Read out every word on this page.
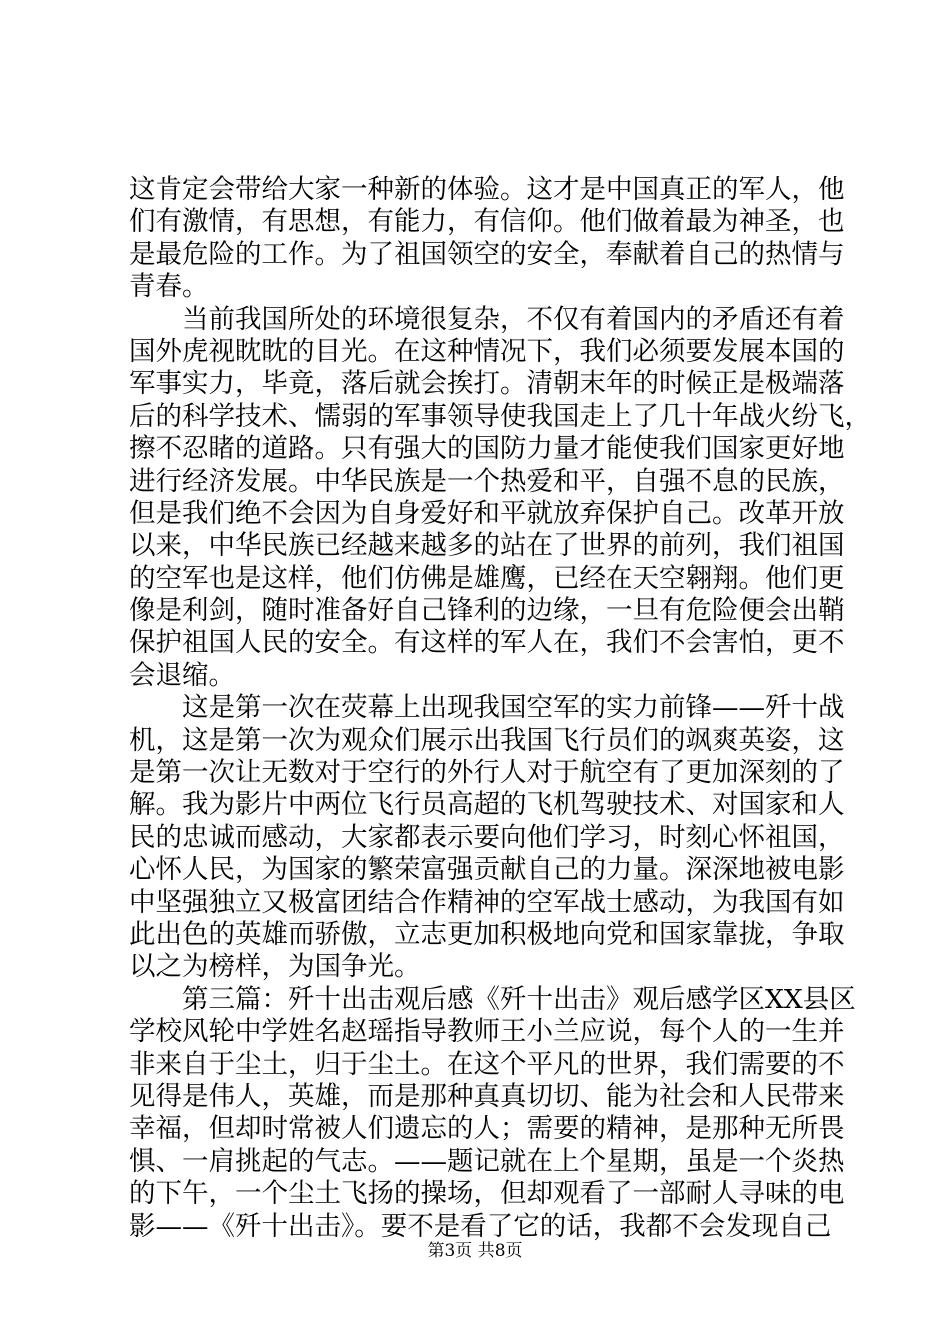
这肯定会带给大家一种新的体验。这才是中国真正的军人，他
们有激情，有思想，有能力，有信仰。他们做着最为神圣，也
是最危险的工作。为了祖国领空的安全，奉献着自己的热情与
青春。
　　当前我国所处的环境很复杂，不仅有着国内的矛盾还有着
国外虎视眈眈的目光。在这种情况下，我们必须要发展本国的
军事实力，毕竟，落后就会挨打。清朝末年的时候正是极端落
后的科学技术、懦弱的军事领导使我国走上了几十年战火纷飞，
擦不忍睹的道路。只有强大的国防力量才能使我们国家更好地
进行经济发展。中华民族是一个热爱和平，自强不息的民族，
但是我们绝不会因为自身爱好和平就放弃保护自己。改革开放
以来，中华民族已经越来越多的站在了世界的前列，我们祖国
的空军也是这样，他们仿佛是雄鹰，已经在天空翱翔。他们更
像是利剑，随时准备好自己锋利的边缘，一旦有危险便会出鞘
保护祖国人民的安全。有这样的军人在，我们不会害怕，更不
会退缩。
　　这是第一次在荧幕上出现我国空军的实力前锋——歼十战
机，这是第一次为观众们展示出我国飞行员们的飒爽英姿，这
是第一次让无数对于空行的外行人对于航空有了更加深刻的了
解。我为影片中两位飞行员高超的飞机驾驶技术、对国家和人
民的忠诚而感动，大家都表示要向他们学习，时刻心怀祖国，
心怀人民，为国家的繁荣富强贡献自己的力量。深深地被电影
中坚强独立又极富团结合作精神的空军战士感动，为我国有如
此出色的英雄而骄傲，立志更加积极地向党和国家靠拢，争取
以之为榜样，为国争光。
　　第三篇：歼十出击观后感《歼十出击》观后感学区XX县区
学校风轮中学姓名赵瑶指导教师王小兰应说，每个人的一生并
非来自于尘土，归于尘土。在这个平凡的世界，我们需要的不
见得是伟人，英雄，而是那种真真切切、能为社会和人民带来
幸福，但却时常被人们遗忘的人；需要的精神，是那种无所畏
惧、一肩挑起的气志。——题记就在上个星期，虽是一个炎热
的下午，一个尘土飞扬的操场，但却观看了一部耐人寻味的电
影——《歼十出击》。要不是看了它的话，我都不会发现自己
第3页 共8页
